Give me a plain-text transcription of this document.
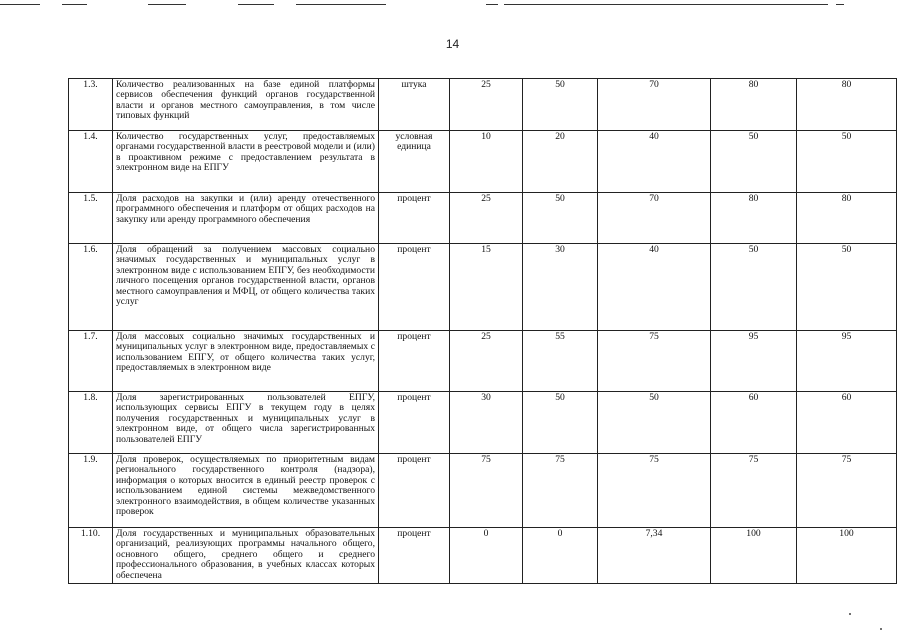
14
1.3.	Количество реализованных на базе единой платформы сервисов обеспечения функций органов государственной власти и органов местного самоуправления, в том числе типовых функций	штука	25	50	70	80	80
1.4.	Количество государственных услуг, предоставляемых органами государственной власти в реестровой модели и (или) в проактивном режиме с предоставлением результата в электронном виде на ЕПГУ	условная единица	10	20	40	50	50
1.5.	Доля расходов на закупки и (или) аренду отечественного программного обеспечения и платформ от общих расходов на закупку или аренду программного обеспечения	процент	25	50	70	80	80
1.6.	Доля обращений за получением массовых социально значимых государственных и муниципальных услуг в электронном виде с использованием ЕПГУ, без необходимости личного посещения органов государственной власти, органов местного самоуправления и МФЦ, от общего количества таких услуг	процент	15	30	40	50	50
1.7.	Доля массовых социально значимых государственных и муниципальных услуг в электронном виде, предоставляемых с использованием ЕПГУ, от общего количества таких услуг, предоставляемых в электронном виде	процент	25	55	75	95	95
1.8.	Доля зарегистрированных пользователей ЕПГУ, использующих сервисы ЕПГУ в текущем году в целях получения государственных и муниципальных услуг в электронном виде, от общего числа зарегистрированных пользователей ЕПГУ	процент	30	50	50	60	60
1.9.	Доля проверок, осуществляемых по приоритетным видам регионального государственного контроля (надзора), информация о которых вносится в единый реестр проверок с использованием единой системы межведомственного электронного взаимодействия, в общем количестве указанных проверок	процент	75	75	75	75	75
1.10.	Доля государственных и муниципальных образовательных организаций, реализующих программы начального общего, основного общего, среднего общего и среднего профессионального образования, в учебных классах которых обеспечена	процент	0	0	7,34	100	100
